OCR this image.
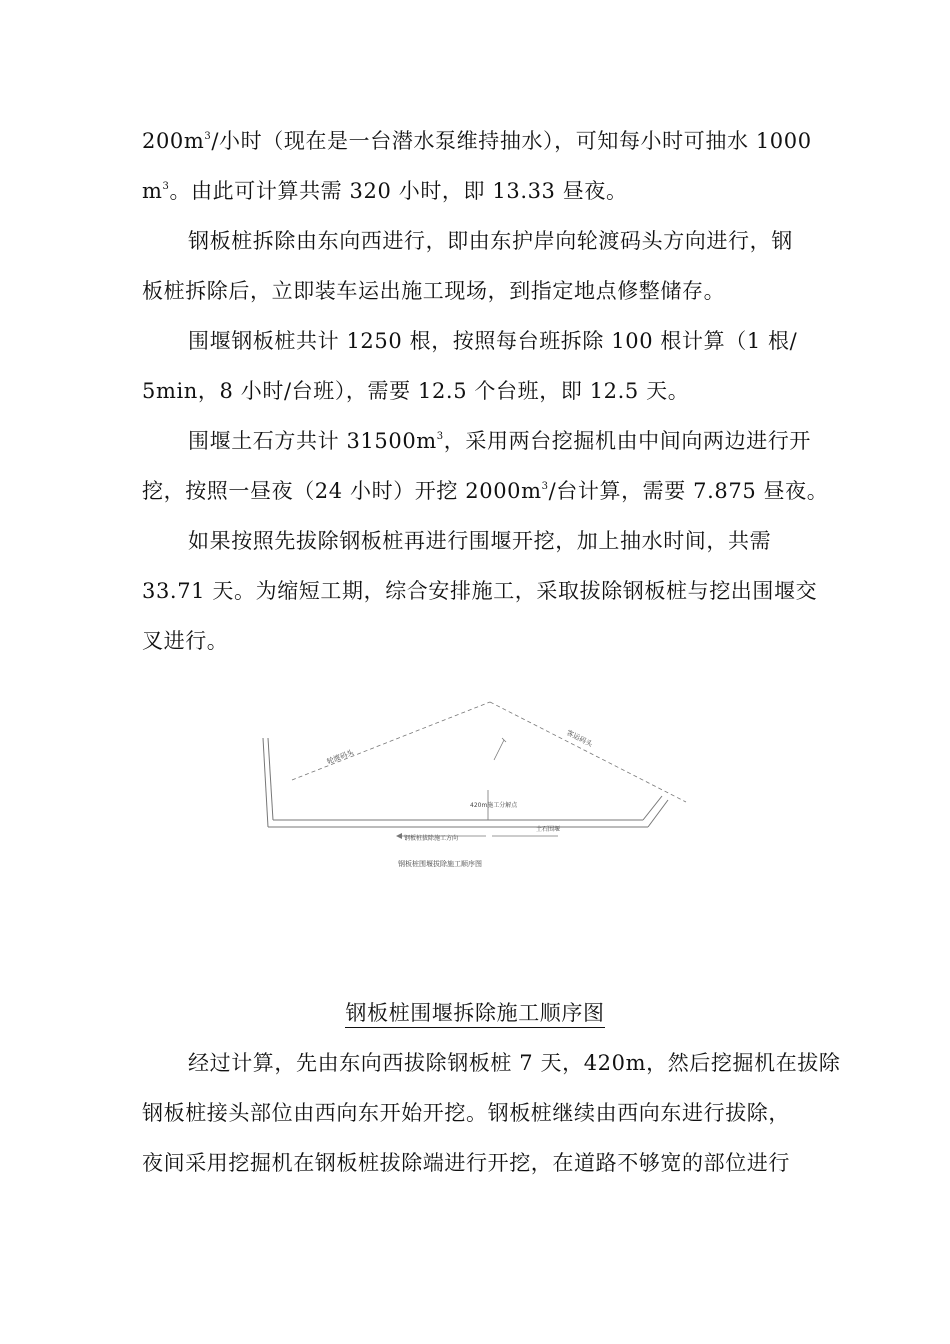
$200m^3/$小时（现在是一台潜水泵维持抽水），可知每小时可抽水 1000
$m^3$。由此可计算共需 320 小时，即 13.33 昼夜。
钢板桩拆除由东向西进行，即由东护岸向轮渡码头方向进行，钢
板桩拆除后，立即装车运出施工现场，到指定地点修整储存。
围堰钢板桩共计 1250 根，按照每台班拆除 100 根计算（1 根/
5min，8 小时/台班），需要 12.5 个台班，即 12.5 天。
围堰土石方共计 $31500m^3$，采用两台挖掘机由中间向两边进行开
挖，按照一昼夜（24 小时）开挖 $2000m^3/$台计算，需要 7.875 昼夜。
如果按照先拔除钢板桩再进行围堰开挖，加上抽水时间，共需
33.71 天。为缩短工期，综合安排施工，采取拔除钢板桩与挖出围堰交
叉进行。
轮渡码头
客运码头
420m施工分解点
钢板桩拔除施工方向
土石围堰
钢板桩围堰拔除施工顺序图
钢板桩围堰拆除施工顺序图
经过计算，先由东向西拔除钢板桩 7 天，420m，然后挖掘机在拔除
钢板桩接头部位由西向东开始开挖。钢板桩继续由西向东进行拔除，
夜间采用挖掘机在钢板桩拔除端进行开挖，在道路不够宽的部位进行
